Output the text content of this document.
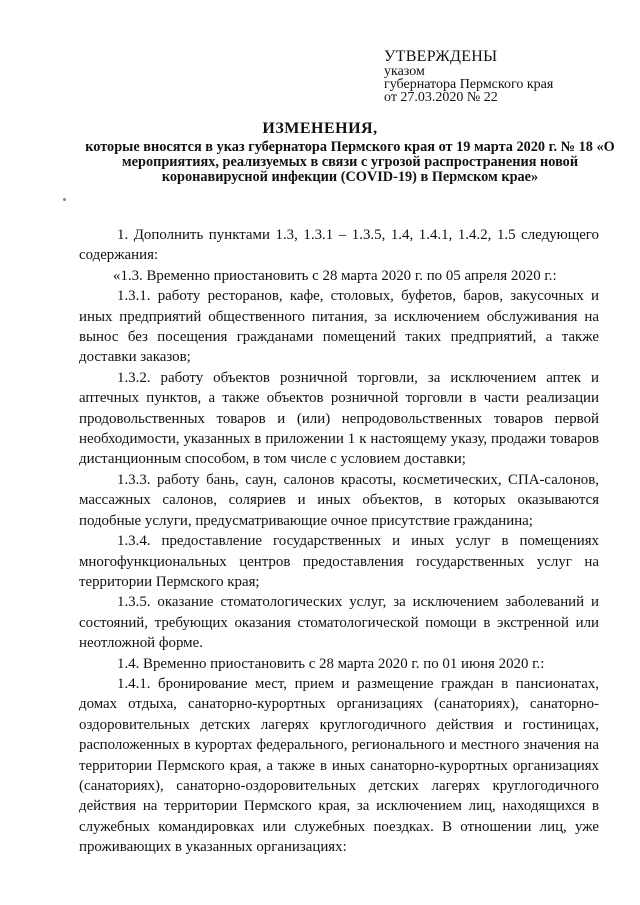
УТВЕРЖДЕНЫ
указом
губернатора Пермского края
от 27.03.2020 № 22
ИЗМЕНЕНИЯ,
которые вносятся в указ губернатора Пермского края от 19 марта 2020 г. № 18 «О мероприятиях, реализуемых в связи с угрозой распространения новой коронавирусной инфекции (COVID-19) в Пермском крае»

1. Дополнить пунктами 1.3, 1.3.1 – 1.3.5, 1.4, 1.4.1, 1.4.2, 1.5 следующего содержания:

«1.3. Временно приостановить с 28 марта 2020 г. по 05 апреля 2020 г.:

1.3.1. работу ресторанов, кафе, столовых, буфетов, баров, закусочных и иных предприятий общественного питания, за исключением обслуживания на вынос без посещения гражданами помещений таких предприятий, а также доставки заказов;

1.3.2. работу объектов розничной торговли, за исключением аптек и аптечных пунктов, а также объектов розничной торговли в части реализации продовольственных товаров и (или) непродовольственных товаров первой необходимости, указанных в приложении 1 к настоящему указу, продажи товаров дистанционным способом, в том числе с условием доставки;

1.3.3. работу бань, саун, салонов красоты, косметических, СПА-салонов, массажных салонов, соляриев и иных объектов, в которых оказываются подобные услуги, предусматривающие очное присутствие гражданина;

1.3.4. предоставление государственных и иных услуг в помещениях многофункциональных центров предоставления государственных услуг на территории Пермского края;

1.3.5. оказание стоматологических услуг, за исключением заболеваний и состояний, требующих оказания стоматологической помощи в экстренной или неотложной форме.

1.4. Временно приостановить с 28 марта 2020 г. по 01 июня 2020 г.:

1.4.1. бронирование мест, прием и размещение граждан в пансионатах, домах отдыха, санаторно-курортных организациях (санаториях), санаторно-оздоровительных детских лагерях круглогодичного действия и гостиницах, расположенных в курортах федерального, регионального и местного значения на территории Пермского края, а также в иных санаторно-курортных организациях (санаториях), санаторно-оздоровительных детских лагерях круглогодичного действия на территории Пермского края, за исключением лиц, находящихся в служебных командировках или служебных поездках. В отношении лиц, уже проживающих в указанных организациях:
